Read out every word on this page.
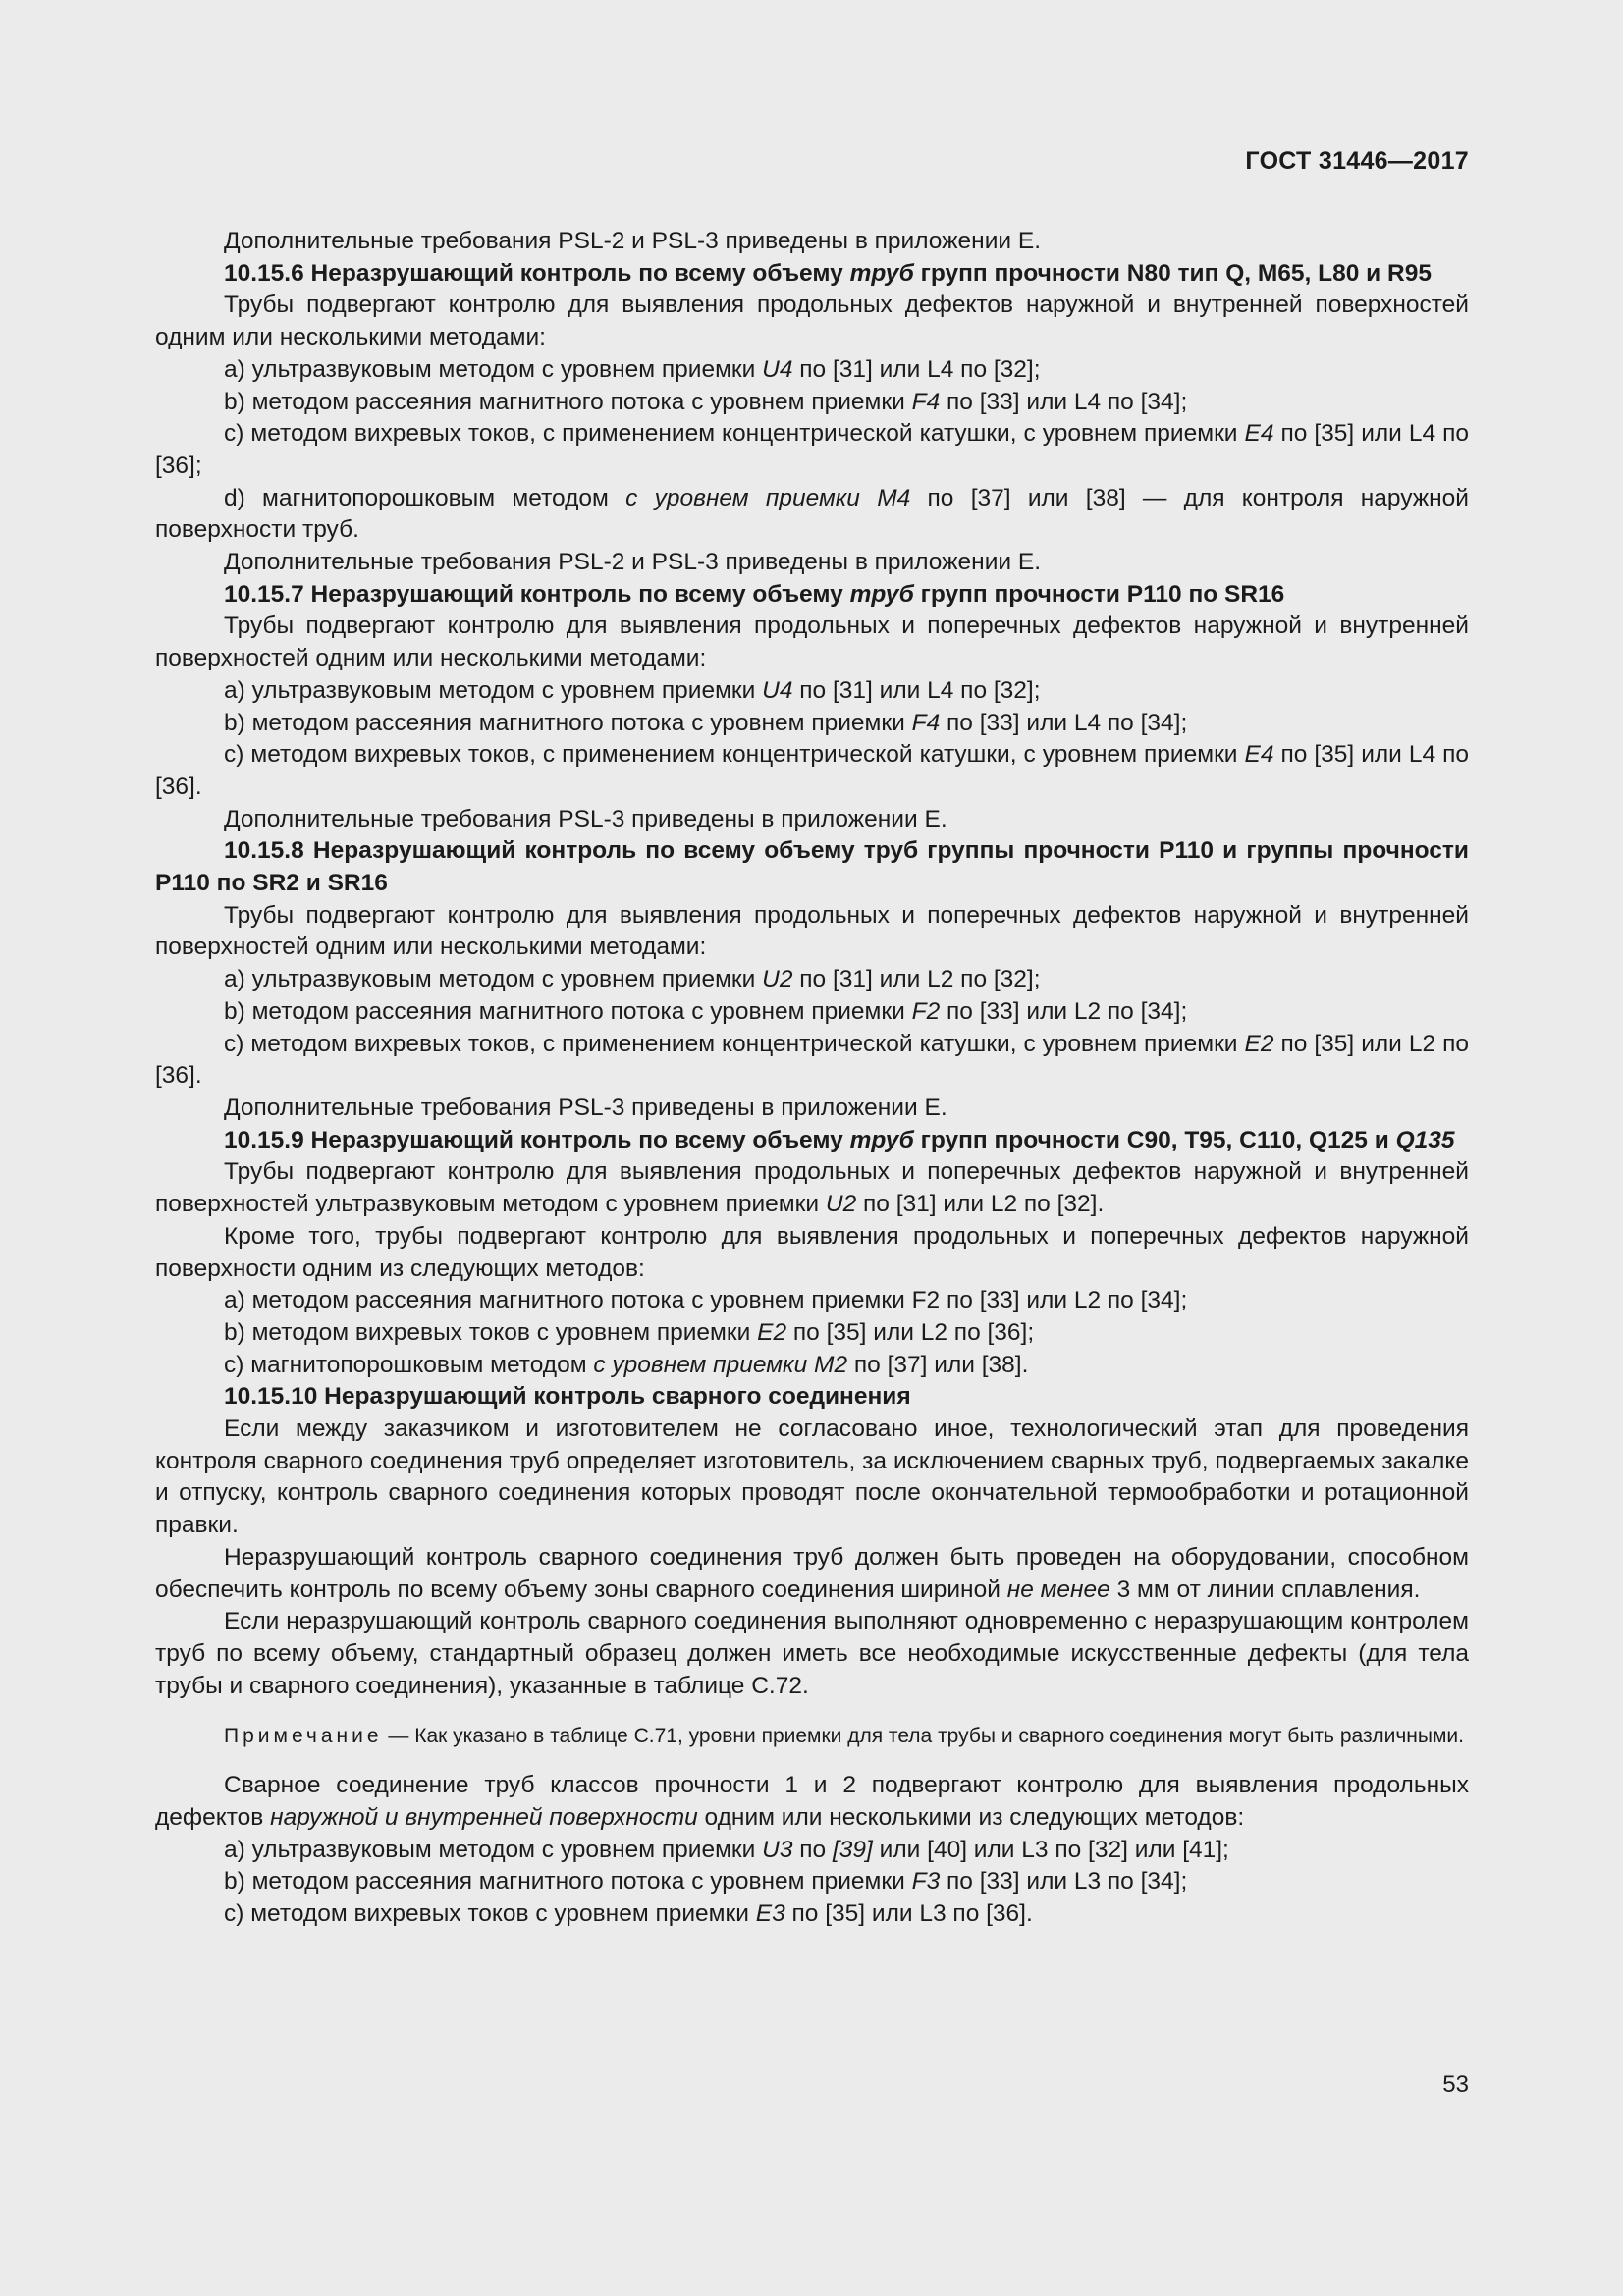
ГОСТ 31446—2017

Дополнительные требования PSL-2 и PSL-3 приведены в приложении Е.

10.15.6 Неразрушающий контроль по всему объему труб групп прочности N80 тип Q, M65, L80 и R95

Трубы подвергают контролю для выявления продольных дефектов наружной и внутренней поверхностей одним или несколькими методами:

a) ультразвуковым методом с уровнем приемки U4 по [31] или L4 по [32];

b) методом рассеяния магнитного потока с уровнем приемки F4 по [33] или L4 по [34];

c) методом вихревых токов, с применением концентрической катушки, с уровнем приемки E4 по [35] или L4 по [36];

d) магнитопорошковым методом с уровнем приемки M4 по [37] или [38] — для контроля наружной поверхности труб.

Дополнительные требования PSL-2 и PSL-3 приведены в приложении Е.

10.15.7 Неразрушающий контроль по всему объему труб групп прочности P110 по SR16

Трубы подвергают контролю для выявления продольных и поперечных дефектов наружной и внутренней поверхностей одним или несколькими методами:

a) ультразвуковым методом с уровнем приемки U4 по [31] или L4 по [32];

b) методом рассеяния магнитного потока с уровнем приемки F4 по [33] или L4 по [34];

c) методом вихревых токов, с применением концентрической катушки, с уровнем приемки E4 по [35] или L4 по [36].

Дополнительные требования PSL-3 приведены в приложении Е.

10.15.8 Неразрушающий контроль по всему объему труб группы прочности P110 и группы прочности P110 по SR2 и SR16

Трубы подвергают контролю для выявления продольных и поперечных дефектов наружной и внутренней поверхностей одним или несколькими методами:

a) ультразвуковым методом с уровнем приемки U2 по [31] или L2 по [32];

b) методом рассеяния магнитного потока с уровнем приемки F2 по [33] или L2 по [34];

c) методом вихревых токов, с применением концентрической катушки, с уровнем приемки E2 по [35] или L2 по [36].

Дополнительные требования PSL-3 приведены в приложении Е.

10.15.9 Неразрушающий контроль по всему объему труб групп прочности C90, T95, C110, Q125 и Q135

Трубы подвергают контролю для выявления продольных и поперечных дефектов наружной и внутренней поверхностей ультразвуковым методом с уровнем приемки U2 по [31] или L2 по [32].

Кроме того, трубы подвергают контролю для выявления продольных и поперечных дефектов наружной поверхности одним из следующих методов:

a) методом рассеяния магнитного потока с уровнем приемки F2 по [33] или L2 по [34];

b) методом вихревых токов с уровнем приемки E2 по [35] или L2 по [36];

c) магнитопорошковым методом с уровнем приемки M2 по [37] или [38].

10.15.10 Неразрушающий контроль сварного соединения

Если между заказчиком и изготовителем не согласовано иное, технологический этап для проведения контроля сварного соединения труб определяет изготовитель, за исключением сварных труб, подвергаемых закалке и отпуску, контроль сварного соединения которых проводят после окончательной термообработки и ротационной правки.

Неразрушающий контроль сварного соединения труб должен быть проведен на оборудовании, способном обеспечить контроль по всему объему зоны сварного соединения шириной не менее 3 мм от линии сплавления.

Если неразрушающий контроль сварного соединения выполняют одновременно с неразрушающим контролем труб по всему объему, стандартный образец должен иметь все необходимые искусственные дефекты (для тела трубы и сварного соединения), указанные в таблице С.72.

Примечание — Как указано в таблице С.71, уровни приемки для тела трубы и сварного соединения могут быть различными.

Сварное соединение труб классов прочности 1 и 2 подвергают контролю для выявления продольных дефектов наружной и внутренней поверхности одним или несколькими из следующих методов:

a) ультразвуковым методом с уровнем приемки U3 по [39] или [40] или L3 по [32] или [41];

b) методом рассеяния магнитного потока с уровнем приемки F3 по [33] или L3 по [34];

c) методом вихревых токов с уровнем приемки E3 по [35] или L3 по [36].

53
